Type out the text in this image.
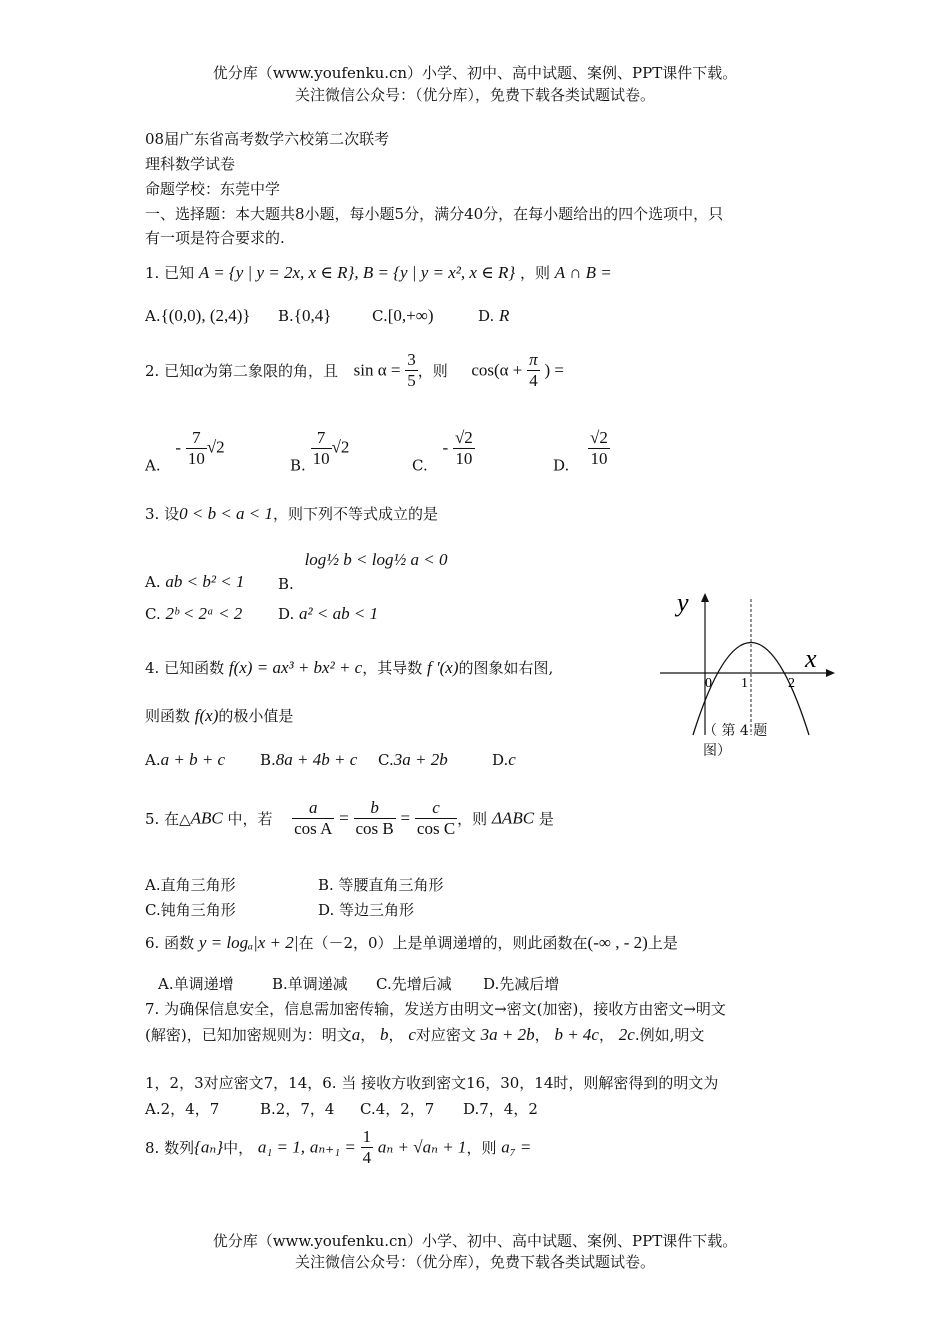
优分库（www.youfenku.cn）小学、初中、高中试题、案例、PPT课件下载。
关注微信公众号：（优分库），免费下载各类试题试卷。
08届广东省高考数学六校第二次联考
理科数学试卷
命题学校：东莞中学
一、选择题：本大题共8小题，每小题5分，满分40分，在每小题给出的四个选项中，只
有一项是符合要求的.
1. 已知 A = {y | y = 2x, x ∈ R}, B = {y | y = x², x ∈ R} ，则 A ∩ B =
A.{(0,0), (2,4)} B.{0,4}	C.[0,+∞)	D. R
2. 已知α为第二象限的角，且 $\sin \alpha = \frac{3}{5}$ ，则 $\cos(\alpha + \frac{\pi}{4}$ ) =
A. - $\frac{7}{10} √2$
B. $\frac{7}{10} √2$
C. - $\frac{√2}{10}$	D. $\frac{√2}{10}$
3. 设0 < b < a < 1，则下列不等式成立的是
A. ab < b² < 1 B. log½ b < log½ a < 0
C. 2ᵇ < 2ᵃ < 2 D. a² < ab < 1
4. 已知函数 f(x) = ax³ + bx² + c，其导数 f '(x)的图象如右图,
则函数 f(x)的极小值是
A.a + b + c B.8a + 4b + c C.3a + 2b	D.c
y
x
0 1	2
（ 第 4 题
图）
5. 在△ABC 中，若 $\frac{a}{\text{cos A}} = \frac{b}{\text{cos B}} = \frac{c}{\text{cos C}}$ ，则 ΔABC 是
A.直角三角形	B. 等腰直角三角形
C.钝角三角形	D. 等边三角形
6. 函数 y = logₐ|x + 2|在（－2，0）上是单调递增的，则此函数在(-∞ , - 2)上是
A.单调递增	B.单调递减 C.先增后减 D.先减后增
7. 为确保信息安全，信息需加密传输，发送方由明文→密文(加密)，接收方由密文→明文
(解密)，已知加密规则为：明文a， b， c对应密文 3a + 2b， b + 4c， 2c.例如,明文
1，2，3对应密文7，14，6. 当 接收方收到密文16，30，14时，则解密得到的明文为
A.2，4，7	B.2，7，4 C.4，2，7 D.7，4，2
8. 数列{aₙ}中， a₁ = 1, $a_{n+1} = \frac{1}{4}$ aₙ + √aₙ + 1，则 a₇ =
优分库（www.youfenku.cn）小学、初中、高中试题、案例、PPT课件下载。
关注微信公众号：（优分库），免费下载各类试题试卷。
